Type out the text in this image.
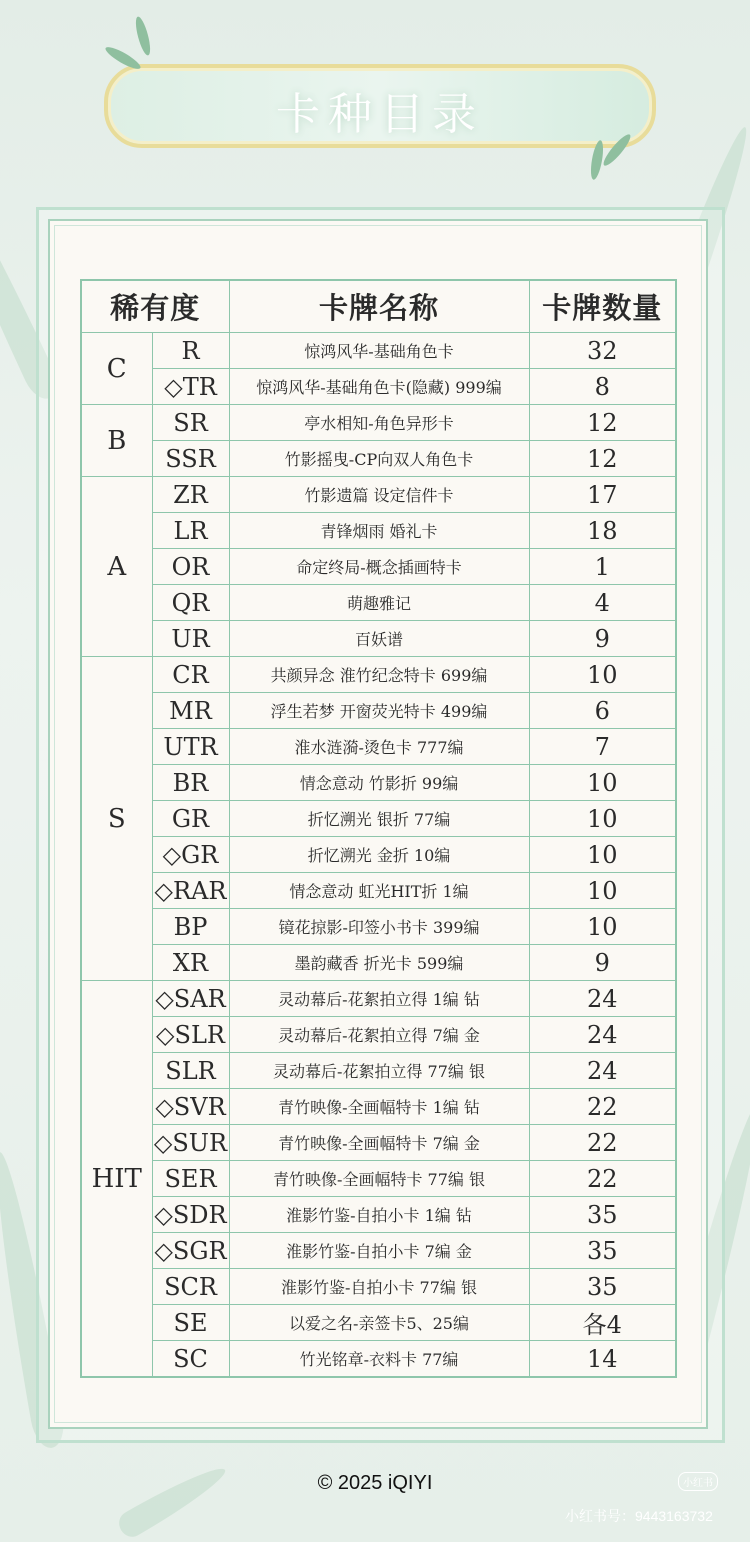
卡种目录
稀有度		卡牌名称	卡牌数量
C	R	惊鸿风华-基础角色卡	32
	◇TR	惊鸿风华-基础角色卡(隐藏) 999编	8
B	SR	亭水相知-角色异形卡	12
	SSR	竹影摇曳-CP向双人角色卡	12
A	ZR	竹影遗篇 设定信件卡	17
	LR	青锋烟雨 婚礼卡	18
	OR	命定终局-概念插画特卡	1
	QR	萌趣雅记	4
	UR	百妖谱	9
S	CR	共颜异念 淮竹纪念特卡 699编	10
	MR	浮生若梦 开窗荧光特卡 499编	6
	UTR	淮水涟漪-烫色卡 777编	7
	BR	情念意动 竹影折 99编	10
	GR	折忆溯光 银折 77编	10
	◇GR	折忆溯光 金折 10编	10
	◇RAR	情念意动 虹光HIT折 1编	10
	BP	镜花掠影-印签小书卡 399编	10
	XR	墨韵藏香 折光卡 599编	9
HIT	◇SAR	灵动幕后-花絮拍立得 1编 钻	24
	◇SLR	灵动幕后-花絮拍立得 7编 金	24
	SLR	灵动幕后-花絮拍立得 77编 银	24
	◇SVR	青竹映像-全画幅特卡 1编 钻	22
	◇SUR	青竹映像-全画幅特卡 7编 金	22
	SER	青竹映像-全画幅特卡 77编 银	22
	◇SDR	淮影竹鉴-自拍小卡 1编 钻	35
	◇SGR	淮影竹鉴-自拍小卡 7编 金	35
	SCR	淮影竹鉴-自拍小卡 77编 银	35
	SE	以爱之名-亲签卡5、25编	各4
	SC	竹光铭章-衣料卡 77编	14
© 2025 iQIYI	小红书
小红书号：9443163732
